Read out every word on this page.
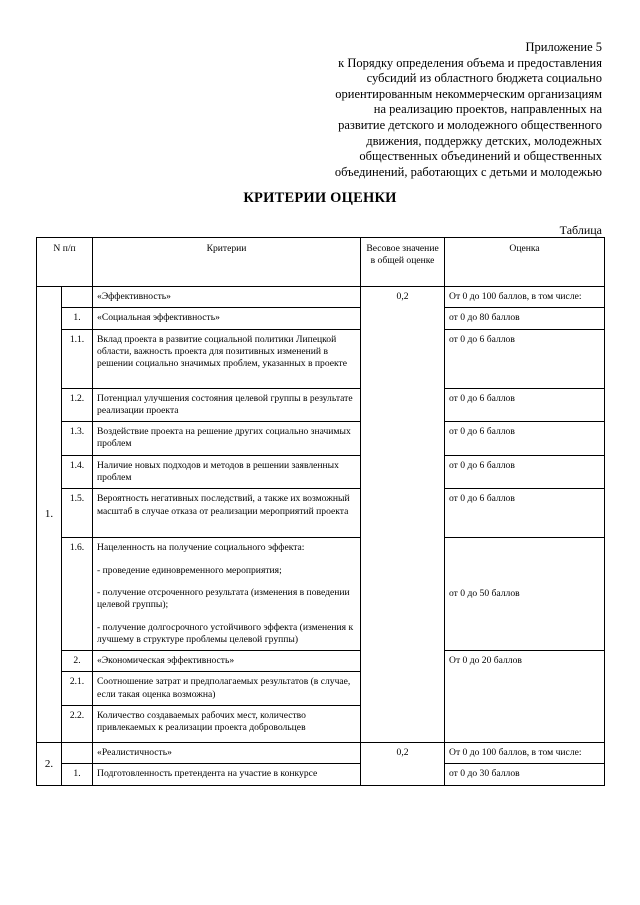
Приложение 5
к Порядку определения объема и предоставления
субсидий из областного бюджета социально
ориентированным некоммерческим организациям
на реализацию проектов, направленных на
развитие детского и молодежного общественного
движения, поддержку детских, молодежных
общественных объединений и общественных
объединений, работающих с детьми и молодежью
КРИТЕРИИ ОЦЕНКИ
Таблица
N п/п		Критерии	Весовое значение в общей оценке	Оценка
1.		«Эффективность»	0,2	От 0 до 100 баллов, в том числе:
	1.	«Социальная эффективность»		от 0 до 80 баллов
	1.1.	Вклад проекта в развитие социальной политики Липецкой области, важность проекта для позитивных изменений в решении социально значимых проблем, указанных в проекте		от 0 до 6 баллов
	1.2.	Потенциал улучшения состояния целевой группы в результате реализации проекта		от 0 до 6 баллов
	1.3.	Воздействие проекта на решение других социально значимых проблем		от 0 до 6 баллов
	1.4.	Наличие новых подходов и методов в решении заявленных проблем		от 0 до 6 баллов
	1.5.	Вероятность негативных последствий, а также их возможный масштаб в случае отказа от реализации мероприятий проекта		от 0 до 6 баллов
	1.6.	Нацеленность на получение социального эффекта:

- проведение единовременного мероприятия;

- получение отсроченного результата (изменения в поведении целевой группы);

- получение долгосрочного устойчивого эффекта (изменения к лучшему в структуре проблемы целевой группы)		от 0 до 50 баллов
	2.	«Экономическая эффективность»		От 0 до 20 баллов
	2.1.	Соотношение затрат и предполагаемых результатов (в случае, если такая оценка возможна)		
	2.2.	Количество создаваемых рабочих мест, количество привлекаемых к реализации проекта добровольцев		
2.		«Реалистичность»	0,2	От 0 до 100 баллов, в том числе:
	1.	Подготовленность претендента на участие в конкурсе		от 0 до 30 баллов
